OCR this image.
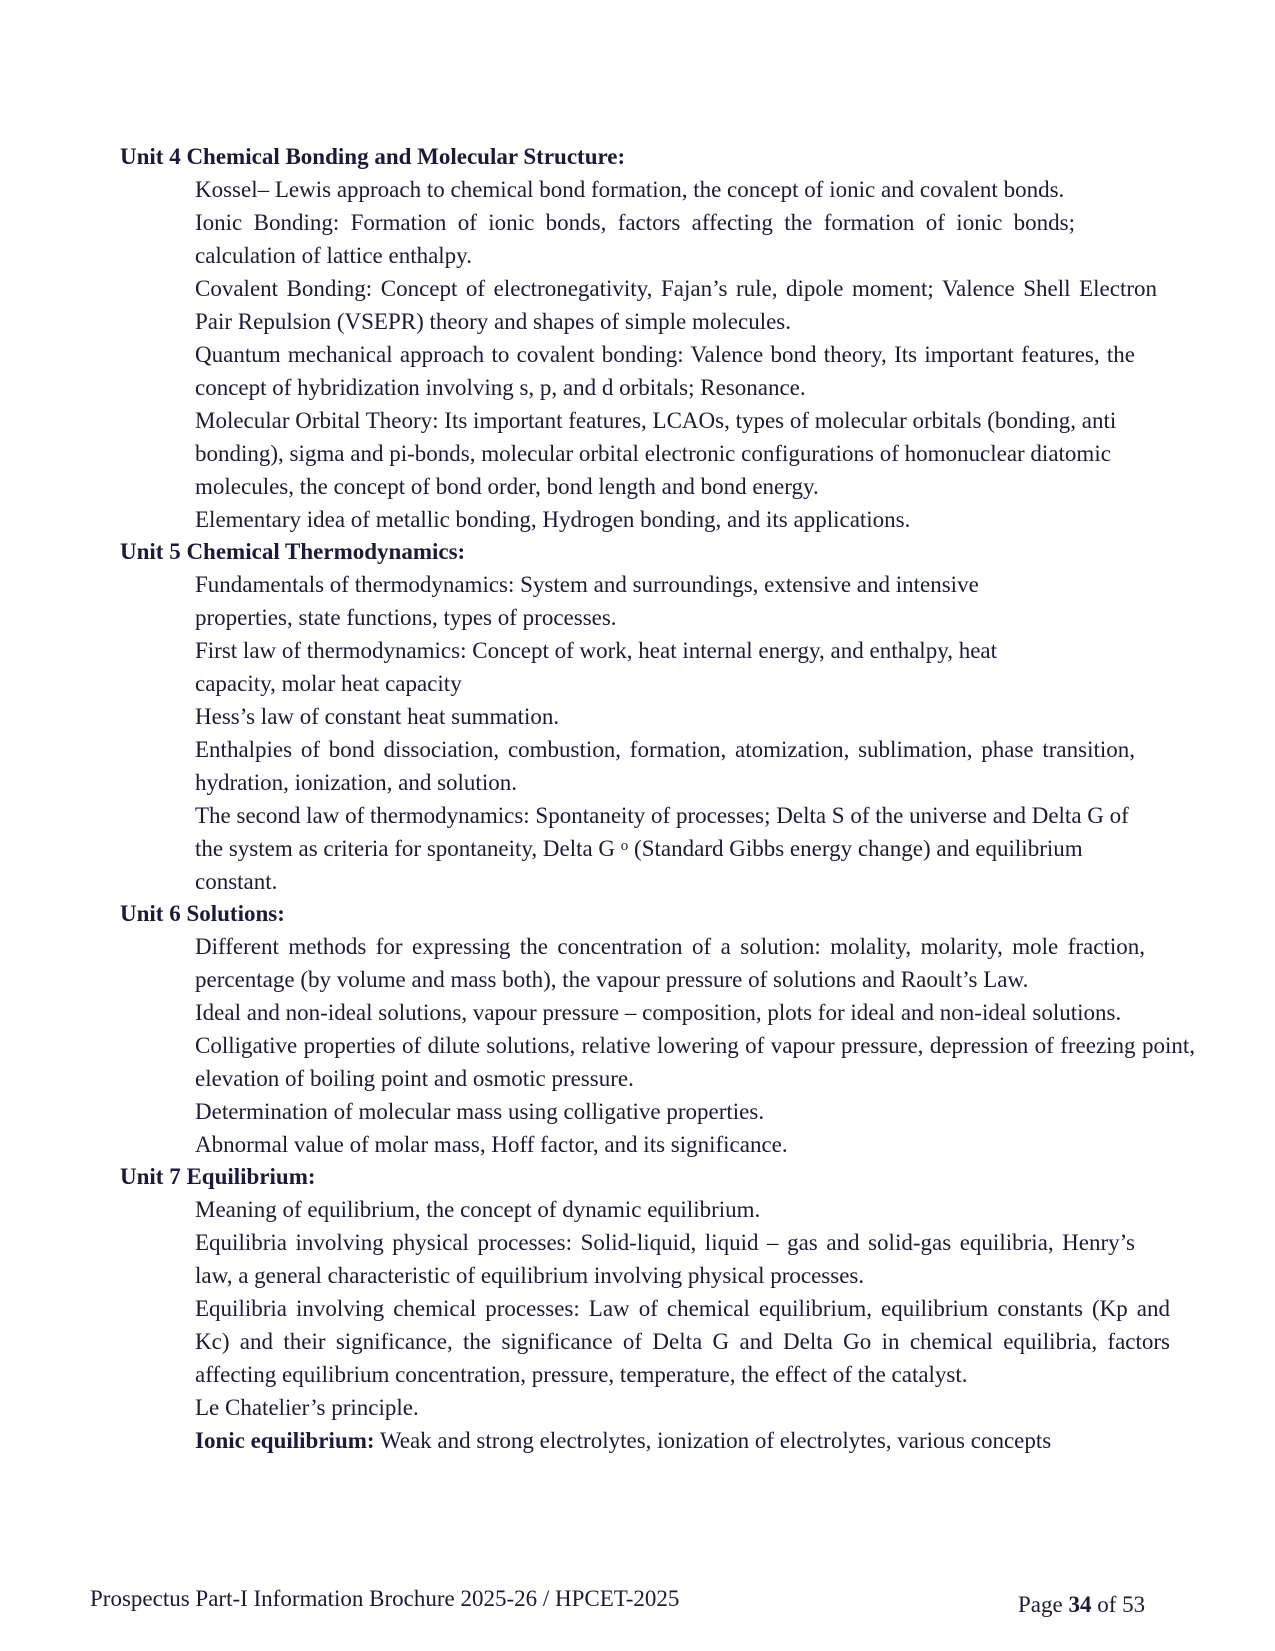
Unit 4 Chemical Bonding and Molecular Structure:

Kossel– Lewis approach to chemical bond formation, the concept of ionic and covalent bonds.

Ionic Bonding: Formation of ionic bonds, factors affecting the formation of ionic bonds; calculation of lattice enthalpy.

Covalent Bonding: Concept of electronegativity, Fajan’s rule, dipole moment; Valence Shell Electron Pair Repulsion (VSEPR) theory and shapes of simple molecules.

Quantum mechanical approach to covalent bonding: Valence bond theory, Its important features, the concept of hybridization involving s, p, and d orbitals; Resonance.

Molecular Orbital Theory: Its important features, LCAOs, types of molecular orbitals (bonding, anti bonding), sigma and pi-bonds, molecular orbital electronic configurations of homonuclear diatomic molecules, the concept of bond order, bond length and bond energy.

Elementary idea of metallic bonding, Hydrogen bonding, and its applications.

Unit 5 Chemical Thermodynamics:

Fundamentals of thermodynamics: System and surroundings, extensive and intensive properties, state functions, types of processes.

First law of thermodynamics: Concept of work, heat internal energy, and enthalpy, heat capacity, molar heat capacity

Hess’s law of constant heat summation.

Enthalpies of bond dissociation, combustion, formation, atomization, sublimation, phase transition, hydration, ionization, and solution.

The second law of thermodynamics: Spontaneity of processes; Delta S of the universe and Delta G of the system as criteria for spontaneity, Delta G $^o$ (Standard Gibbs energy change) and equilibrium constant.

Unit 6 Solutions:

Different methods for expressing the concentration of a solution: molality, molarity, mole fraction, percentage (by volume and mass both), the vapour pressure of solutions and Raoult’s Law.

Ideal and non-ideal solutions, vapour pressure – composition, plots for ideal and non-ideal solutions.

Colligative properties of dilute solutions, relative lowering of vapour pressure, depression of freezing point, elevation of boiling point and osmotic pressure.

Determination of molecular mass using colligative properties.

Abnormal value of molar mass, Hoff factor, and its significance.

Unit 7 Equilibrium:

Meaning of equilibrium, the concept of dynamic equilibrium.

Equilibria involving physical processes: Solid-liquid, liquid – gas and solid-gas equilibria, Henry’s law, a general characteristic of equilibrium involving physical processes.

Equilibria involving chemical processes: Law of chemical equilibrium, equilibrium constants (Kp and Kc) and their significance, the significance of Delta G and Delta Go in chemical equilibria, factors affecting equilibrium concentration, pressure, temperature, the effect of the catalyst.

Le Chatelier’s principle.

Ionic equilibrium: Weak and strong electrolytes, ionization of electrolytes, various concepts

Prospectus Part-I Information Brochure 2025-26 / HPCET-2025	Page 34 of 53
